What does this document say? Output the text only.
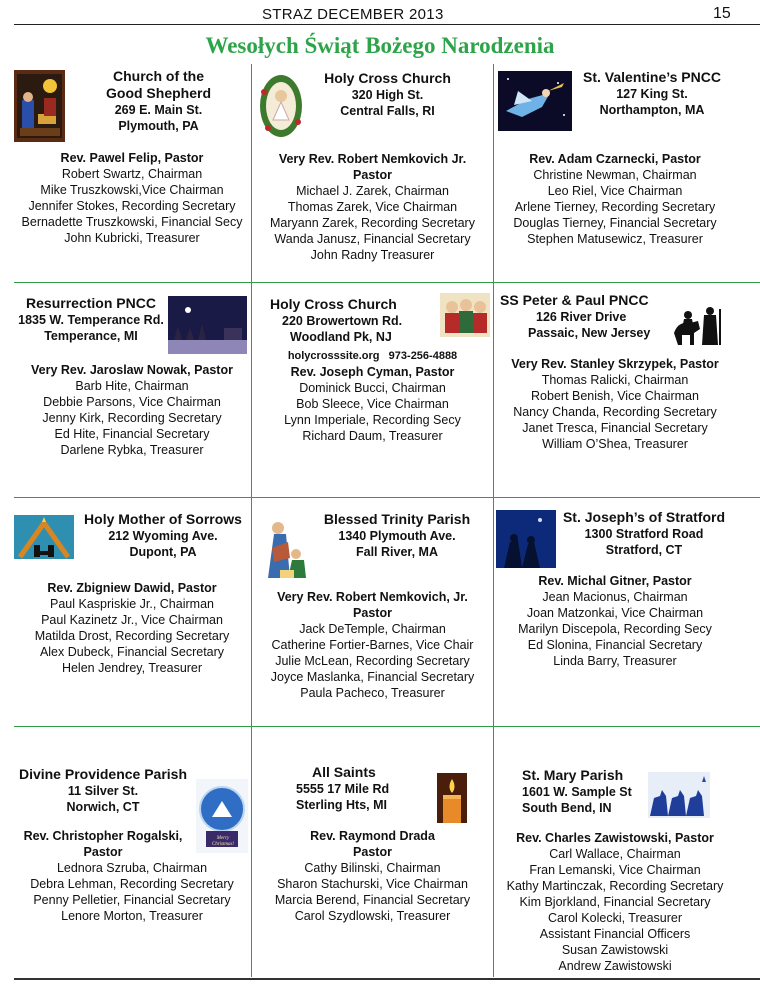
STRAZ DECEMBER 2013	15
Wesołych Świąt Bożego Narodzenia
Church of the
Good Shepherd
269 E. Main St.
Plymouth, PA
Rev. Pawel Felip, Pastor
Robert Swartz, Chairman
Mike Truszkowski,Vice Chairman
Jennifer Stokes, Recording Secretary
Bernadette Truszkowski, Financial Secy
John Kubricki, Treasurer
Holy Cross Church
320 High St.
Central Falls, RI
Very Rev. Robert Nemkovich Jr.
Pastor
Michael J. Zarek, Chairman
Thomas Zarek, Vice Chairman
Maryann Zarek, Recording Secretary
Wanda Janusz, Financial Secretary
John Radny Treasurer
St. Valentine’s PNCC
127 King St.
Northampton, MA
Rev. Adam Czarnecki, Pastor
Christine Newman, Chairman
Leo Riel, Vice Chairman
Arlene Tierney, Recording Secretary
Douglas Tierney, Financial Secretary
Stephen Matusewicz, Treasurer
Resurrection PNCC
1835 W. Temperance Rd.
Temperance, MI
Very Rev. Jaroslaw Nowak, Pastor
Barb Hite, Chairman
Debbie Parsons, Vice Chairman
Jenny Kirk, Recording Secretary
Ed Hite, Financial Secretary
Darlene Rybka, Treasurer
Holy Cross Church
220 Browertown Rd.
Woodland Pk, NJ
holycrosssite.org   973-256-4888
Rev. Joseph Cyman, Pastor
Dominick Bucci, Chairman
Bob Sleece, Vice Chairman
Lynn Imperiale, Recording Secy
Richard Daum, Treasurer
SS Peter & Paul PNCC
126 River Drive
Passaic, New Jersey
Very Rev. Stanley Skrzypek, Pastor
Thomas Ralicki, Chairman
Robert Benish, Vice Chairman
Nancy Chanda, Recording Secretary
Janet Tresca, Financial Secretary
William O’Shea, Treasurer
Holy Mother of Sorrows
212 Wyoming Ave.
Dupont, PA
Rev. Zbigniew Dawid, Pastor
Paul Kaspriskie Jr., Chairman
Paul Kazinetz Jr., Vice Chairman
Matilda Drost, Recording Secretary
Alex Dubeck, Financial Secretary
Helen Jendrey, Treasurer
Blessed Trinity Parish
1340 Plymouth Ave.
Fall River, MA
Very Rev. Robert Nemkovich, Jr.
Pastor
Jack DeTemple, Chairman
Catherine Fortier-Barnes, Vice Chair
Julie McLean, Recording Secretary
Joyce Maslanka, Financial Secretary
Paula Pacheco, Treasurer
St. Joseph’s of Stratford
1300 Stratford Road
Stratford, CT
Rev. Michal Gitner, Pastor
Jean Macionus, Chairman
Joan Matzonkai, Vice Chairman
Marilyn Discepola, Recording Secy
Ed Slonina, Financial Secretary
Linda Barry, Treasurer
Divine Providence Parish
11 Silver St.
Norwich, CT
Rev. Christopher Rogalski,
Pastor
Lednora Szruba, Chairman
Debra Lehman, Recording Secretary
Penny Pelletier, Financial Secretary
Lenore Morton, Treasurer
All Saints
5555 17 Mile Rd
Sterling Hts, MI
Rev. Raymond Drada
Pastor
Cathy Bilinski, Chairman
Sharon Stachurski, Vice Chairman
Marcia Berend, Financial Secretary
Carol Szydlowski, Treasurer
St. Mary Parish
1601 W. Sample St
South Bend, IN
Rev. Charles Zawistowski, Pastor
Carl Wallace, Chairman
Fran Lemanski, Vice Chairman
Kathy Martinczak, Recording Secretary
Kim Bjorkland, Financial Secretary
Carol Kolecki, Treasurer
Assistant Financial Officers
Susan Zawistowski
Andrew Zawistowski
Merry Christmas!
